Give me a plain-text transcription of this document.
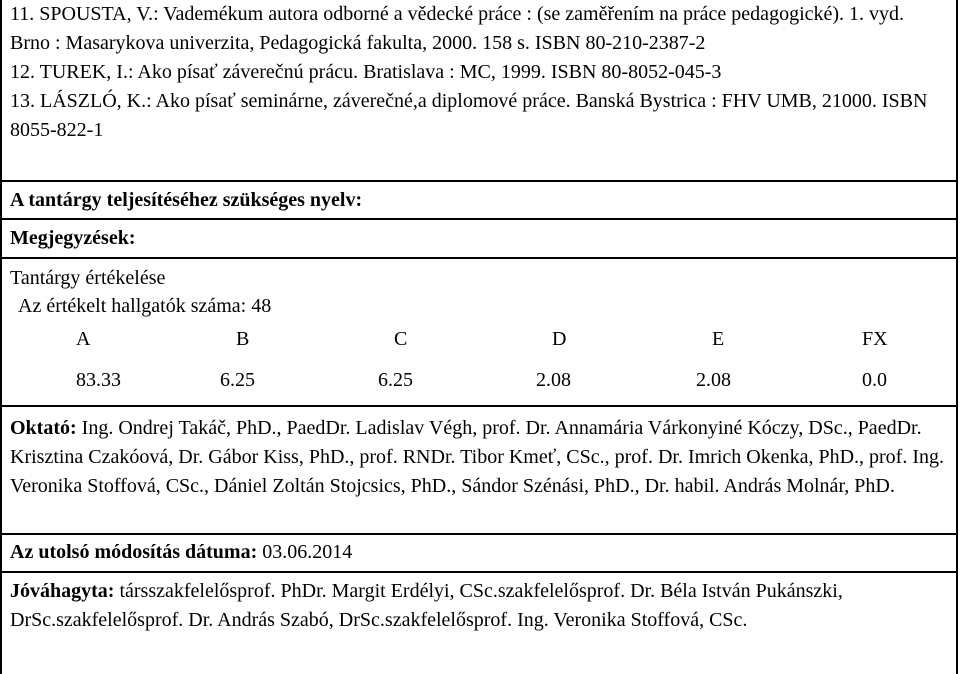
11. SPOUSTA, V.: Vademékum autora odborné a vědecké práce : (se zaměřením na práce pedagogické). 1. vyd. Brno : Masarykova univerzita, Pedagogická fakulta, 2000. 158 s. ISBN 80-210-2387-2
12. TUREK, I.: Ako písať záverečnú prácu. Bratislava : MC, 1999. ISBN 80-8052-045-3
13. LÁSZLÓ, K.: Ako písať seminárne, záverečné,a diplomové práce. Banská Bystrica : FHV UMB, 21000. ISBN 8055-822-1
A tantárgy teljesítéséhez szükséges nyelv:
Megjegyzések:
Tantárgy értékelése
Az értékelt hallgatók száma: 48
A	B	C	D	E	FX
83.33	6.25	6.25	2.08	2.08	0.0
Oktató: Ing. Ondrej Takáč, PhD., PaedDr. Ladislav Végh, prof. Dr. Annamária Várkonyiné Kóczy, DSc., PaedDr. Krisztina Czakóová, Dr. Gábor Kiss, PhD., prof. RNDr. Tibor Kmeť, CSc., prof. Dr. Imrich Okenka, PhD., prof. Ing. Veronika Stoffová, CSc., Dániel Zoltán Stojcsics, PhD., Sándor Szénási, PhD., Dr. habil. András Molnár, PhD.
Az utolsó módosítás dátuma: 03.06.2014
Jóváhagyta: társszakfelelősprof. PhDr. Margit Erdélyi, CSc.szakfelelősprof. Dr. Béla István Pukánszki, DrSc.szakfelelősprof. Dr. András Szabó, DrSc.szakfelelősprof. Ing. Veronika Stoffová, CSc.
